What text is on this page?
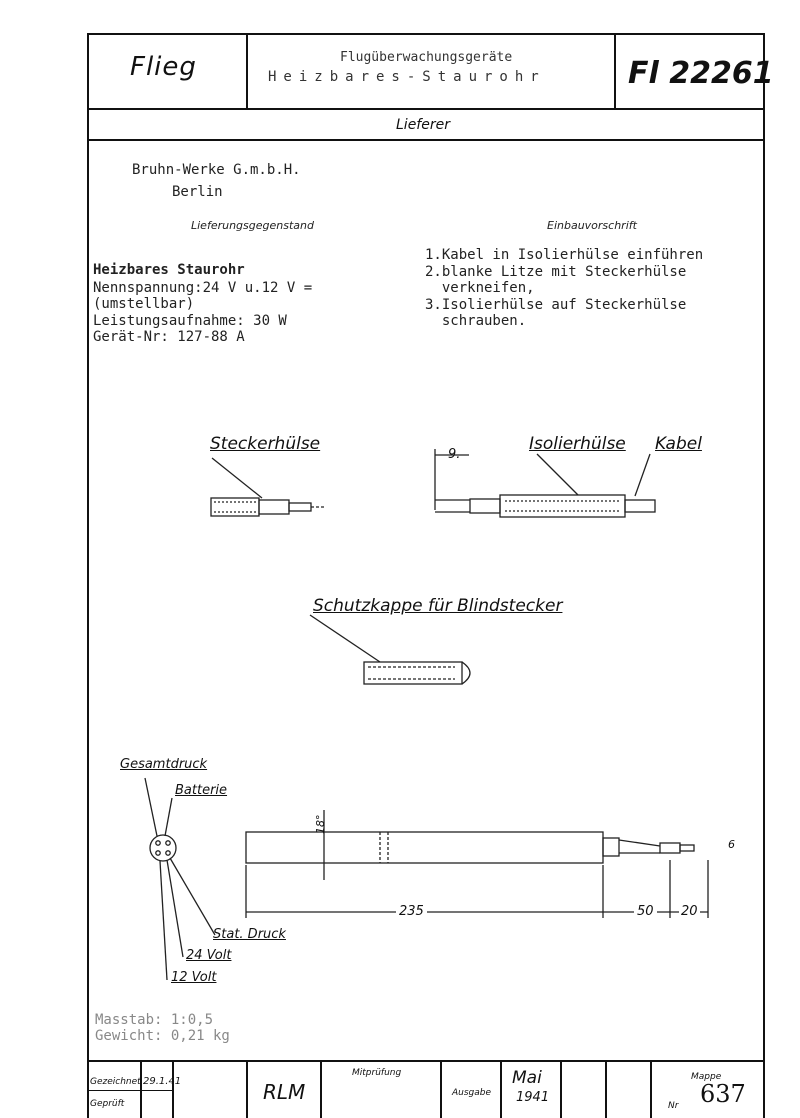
Flieg	Flugüberwachungsgeräte
Heizbares-Staurohr	Fl 22261
Lieferer
Bruhn-Werke G.m.b.H.
Berlin
Lieferungsgegenstand
Heizbares Staurohr
Nennspannung:24 V u.12 V =
(umstellbar)
Leistungsaufnahme: 30 W
Gerät-Nr: 127-88 A
Einbauvorschrift
1.Kabel in Isolierhülse einführen
2.blanke Litze mit Steckerhülse
verkneifen,
3.Isolierhülse auf Steckerhülse
schrauben.
Steckerhülse	Isolierhülse Kabel
9.
Schutzkappe für Blindstecker
Gesamtdruck
Batterie
Stat. Druck
24 Volt
12 Volt
18°
235	50 20
6
Masstab: 1:0,5
Gewicht: 0,21 kg
Gezeichnet 29.1.41
Geprüft	RLM
Mitprüfung
Ausgabe
Mai
1941
Mappe
Nr 637
